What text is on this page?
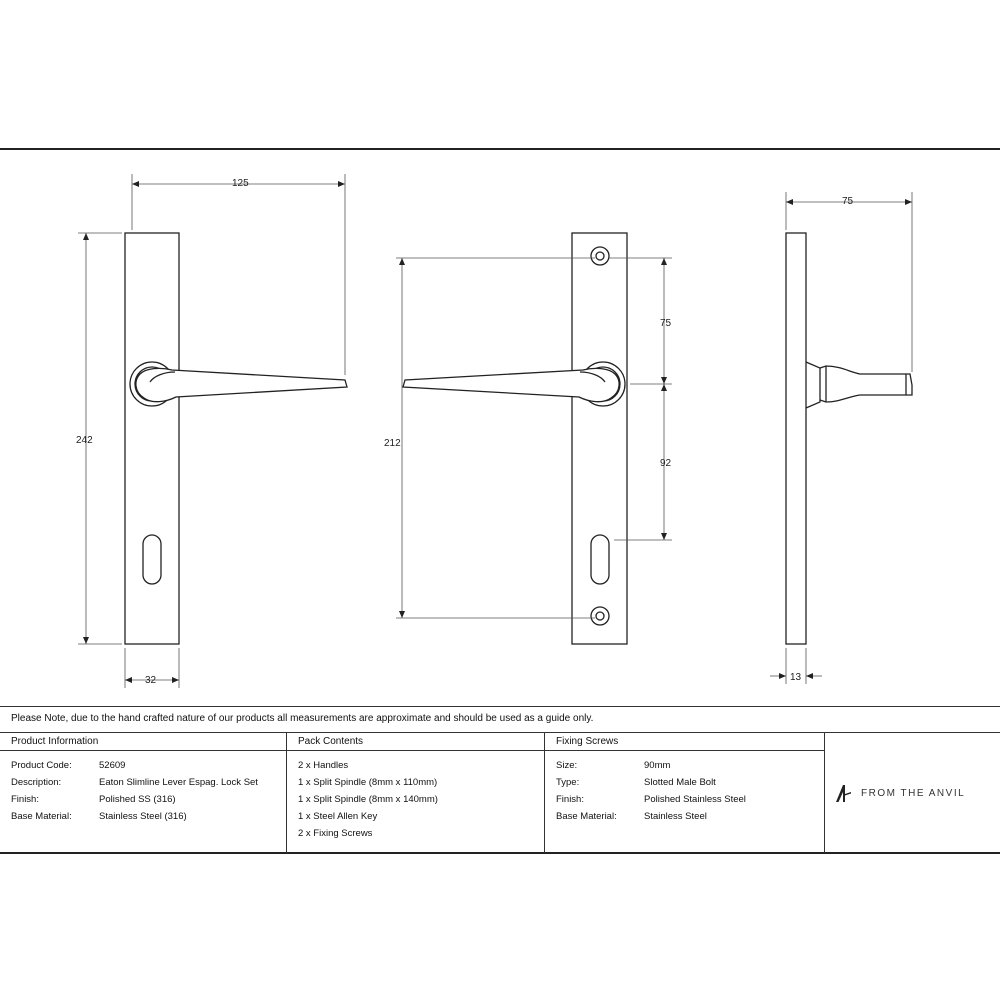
125
242
32
212
75
92
75
13
Please Note, due to the hand crafted nature of our products all measurements are approximate and should be used as a guide only.
Product Information
Product Code:	52609
Description:	Eaton Slimline Lever Espag. Lock Set
Finish:	Polished SS (316)
Base Material:	Stainless Steel (316)
Pack Contents
2 x Handles
1 x Split Spindle (8mm x 110mm)
1 x Split Spindle (8mm x 140mm)
1 x Steel Allen Key
2 x Fixing Screws
Fixing Screws
Size:	90mm
Type:	Slotted Male Bolt
Finish:	Polished Stainless Steel
Base Material:	Stainless Steel
FROM THE ANVIL
